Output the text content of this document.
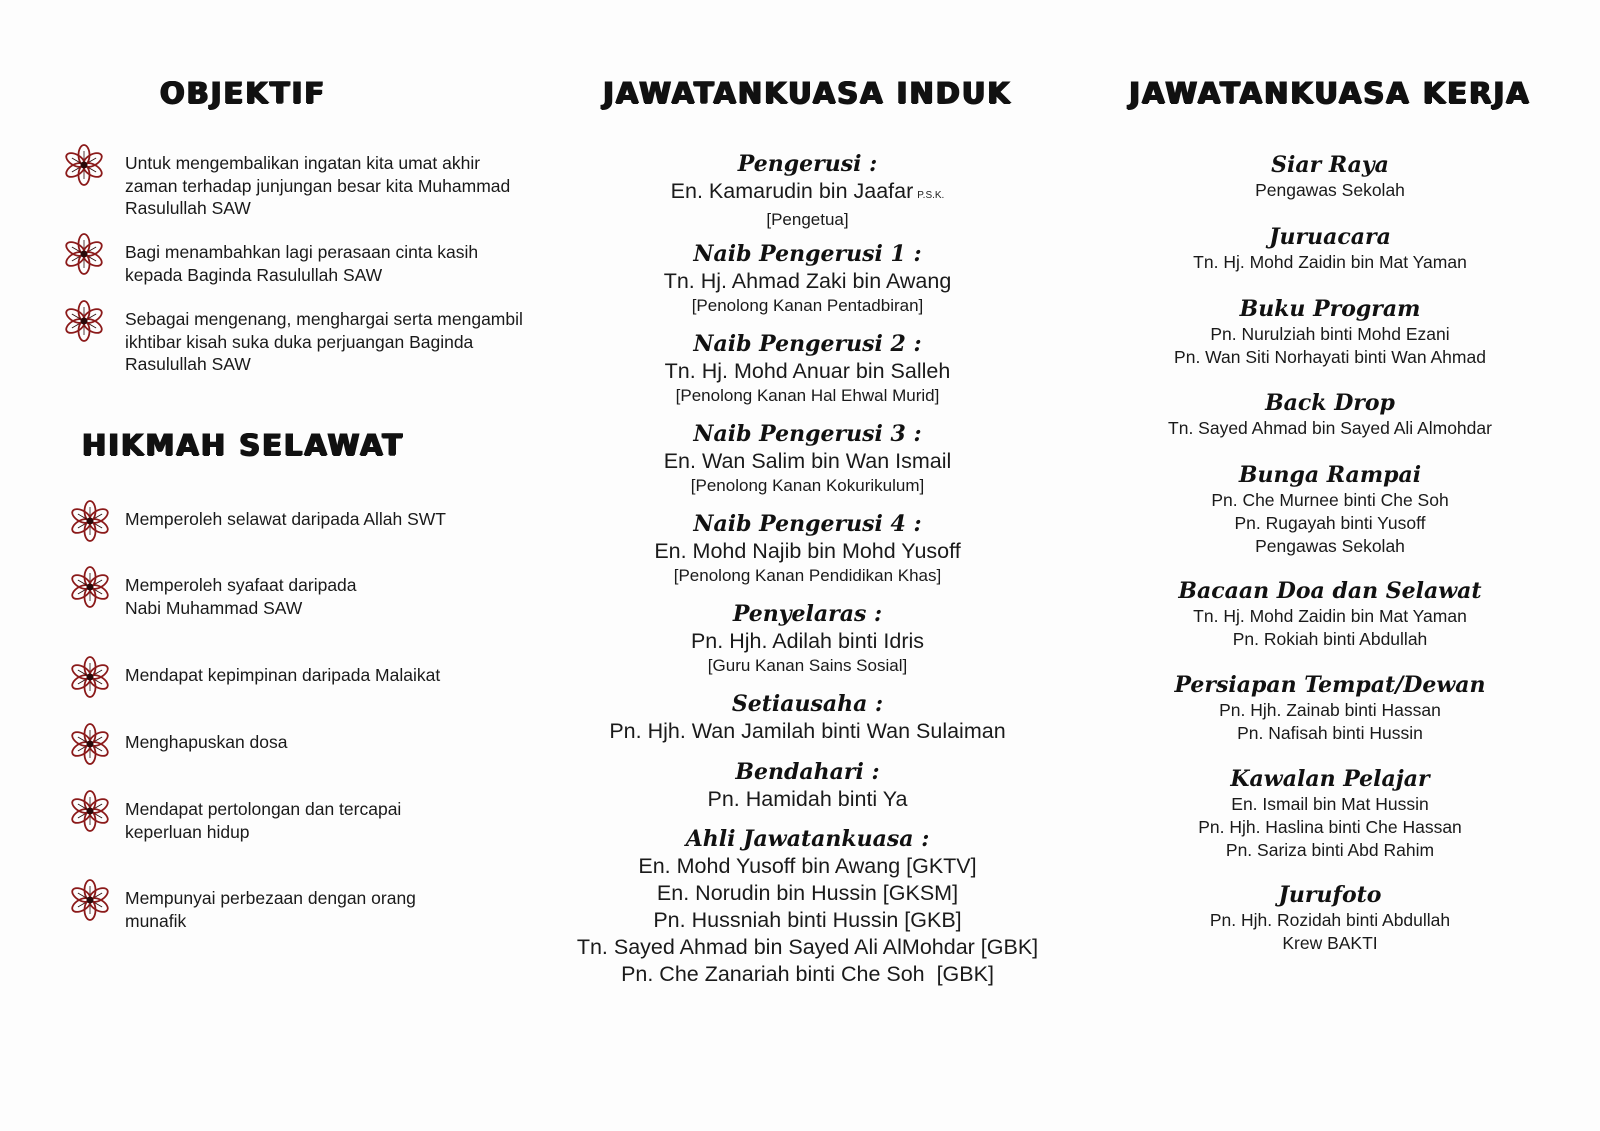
OBJEKTIF
Untuk mengembalikan ingatan kita umat akhir zaman terhadap junjungan besar kita Muhammad Rasulullah SAW
Bagi menambahkan lagi perasaan cinta kasih kepada Baginda Rasulullah SAW
Sebagai mengenang, menghargai serta mengambil ikhtibar kisah suka duka perjuangan Baginda Rasulullah SAW
HIKMAH SELAWAT
Memperoleh selawat daripada Allah SWT
Memperoleh syafaat daripada Nabi Muhammad SAW
Mendapat kepimpinan daripada Malaikat
Menghapuskan dosa
Mendapat pertolongan dan tercapai keperluan hidup
Mempunyai perbezaan dengan orang munafik
JAWATANKUASA INDUK
Pengerusi :
En. Kamarudin bin Jaafar P.S.K.
[Pengetua]
Naib Pengerusi 1 :
Tn. Hj. Ahmad Zaki bin Awang
[Penolong Kanan Pentadbiran]
Naib Pengerusi 2 :
Tn. Hj. Mohd Anuar bin Salleh
[Penolong Kanan Hal Ehwal Murid]
Naib Pengerusi 3 :
En. Wan Salim bin Wan Ismail
[Penolong Kanan Kokurikulum]
Naib Pengerusi 4 :
En. Mohd Najib bin Mohd Yusoff
[Penolong Kanan Pendidikan Khas]
Penyelaras :
Pn. Hjh. Adilah binti Idris
[Guru Kanan Sains Sosial]
Setiausaha :
Pn. Hjh. Wan Jamilah binti Wan Sulaiman
Bendahari :
Pn. Hamidah binti Ya
Ahli Jawatankuasa :
En. Mohd Yusoff bin Awang [GKTV]
En. Norudin bin Hussin [GKSM]
Pn. Hussniah binti Hussin [GKB]
Tn. Sayed Ahmad bin Sayed Ali AlMohdar [GBK]
Pn. Che Zanariah binti Che Soh  [GBK]
JAWATANKUASA KERJA
Siar Raya
Pengawas Sekolah
Juruacara
Tn. Hj. Mohd Zaidin bin Mat Yaman
Buku Program
Pn. Nurulziah binti Mohd Ezani
Pn. Wan Siti Norhayati binti Wan Ahmad
Back Drop
Tn. Sayed Ahmad bin Sayed Ali Almohdar
Bunga Rampai
Pn. Che Murnee binti Che Soh
Pn. Rugayah binti Yusoff
Pengawas Sekolah
Bacaan Doa dan Selawat
Tn. Hj. Mohd Zaidin bin Mat Yaman
Pn. Rokiah binti Abdullah
Persiapan Tempat/Dewan
Pn. Hjh. Zainab binti Hassan
Pn. Nafisah binti Hussin
Kawalan Pelajar
En. Ismail bin Mat Hussin
Pn. Hjh. Haslina binti Che Hassan
Pn. Sariza binti Abd Rahim
Jurufoto
Pn. Hjh. Rozidah binti Abdullah
Krew BAKTI
